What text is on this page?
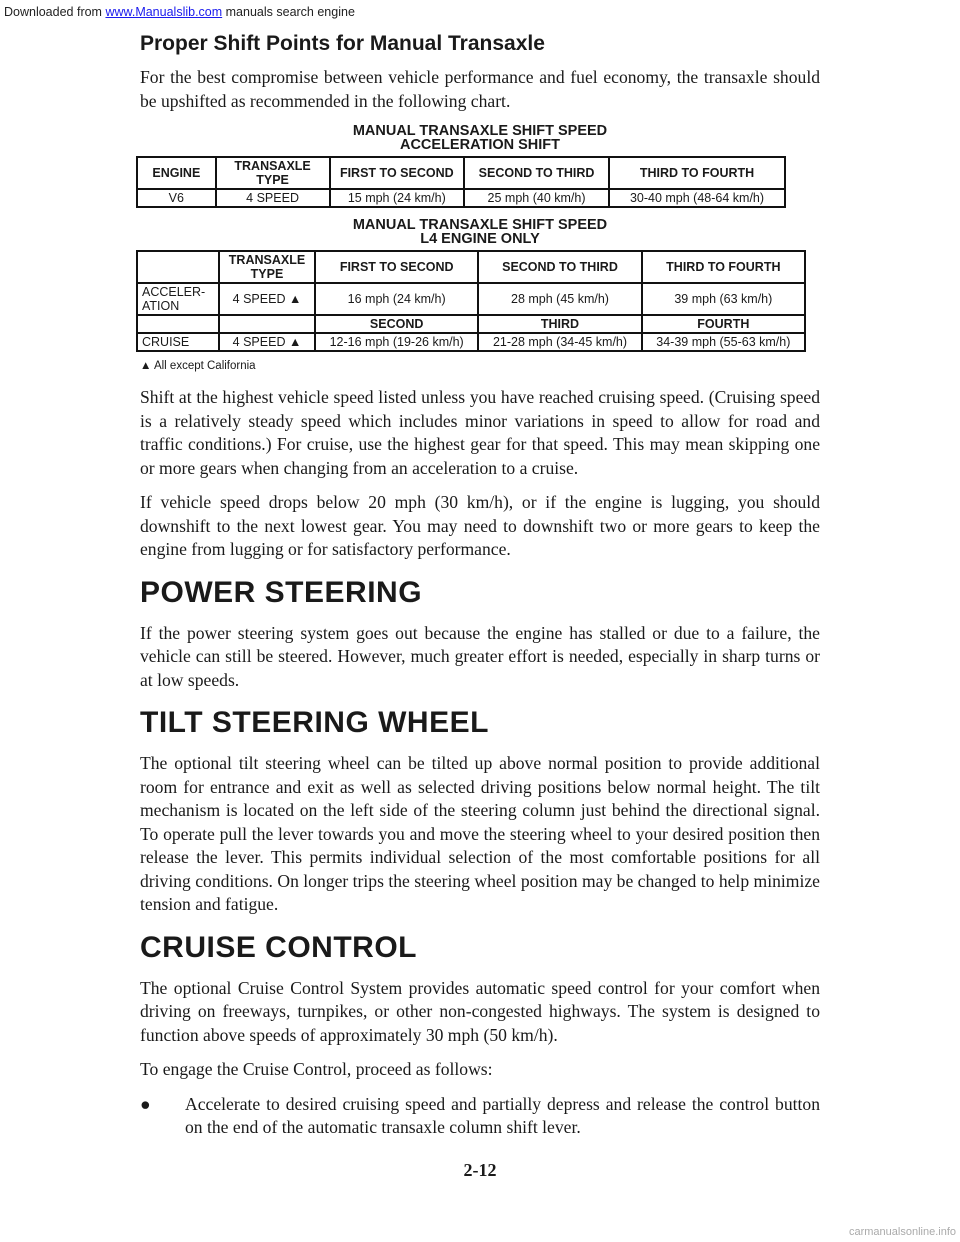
Downloaded from www.Manualslib.com manuals search engine
Proper Shift Points for Manual Transaxle

For the best compromise between vehicle performance and fuel economy, the transaxle should be upshifted as recommended in the following chart.

MANUAL TRANSAXLE SHIFT SPEED
ACCELERATION SHIFT
ENGINE	TRANSAXLE TYPE	FIRST TO SECOND	SECOND TO THIRD	THIRD TO FOURTH
V6	4 SPEED	15 mph (24 km/h)	25 mph (40 km/h)	30-40 mph (48-64 km/h)
MANUAL TRANSAXLE SHIFT SPEED
L4 ENGINE ONLY
	TRANSAXLE TYPE	FIRST TO SECOND	SECOND TO THIRD	THIRD TO FOURTH
ACCELER- ATION	4 SPEED ▲	16 mph (24 km/h)	28 mph (45 km/h)	39 mph (63 km/h)
		SECOND	THIRD	FOURTH
CRUISE	4 SPEED ▲	12-16 mph (19-26 km/h)	21-28 mph (34-45 km/h)	34-39 mph (55-63 km/h)
▲ All except California

Shift at the highest vehicle speed listed unless you have reached cruising speed. (Cruising speed is a relatively steady speed which includes minor variations in speed to allow for road and traffic conditions.) For cruise, use the highest gear for that speed. This may mean skipping one or more gears when changing from an acceleration to a cruise.

If vehicle speed drops below 20 mph (30 km/h), or if the engine is lugging, you should downshift to the next lowest gear. You may need to downshift two or more gears to keep the engine from lugging or for satisfactory performance.

POWER STEERING

If the power steering system goes out because the engine has stalled or due to a failure, the vehicle can still be steered. However, much greater effort is needed, especially in sharp turns or at low speeds.

TILT STEERING WHEEL

The optional tilt steering wheel can be tilted up above normal position to provide additional room for entrance and exit as well as selected driving positions below normal height. The tilt mechanism is located on the left side of the steering column just behind the directional signal. To operate pull the lever towards you and move the steering wheel to your desired position then release the lever. This permits individual selection of the most comfortable positions for all driving conditions. On longer trips the steering wheel position may be changed to help minimize tension and fatigue.

CRUISE CONTROL

The optional Cruise Control System provides automatic speed control for your comfort when driving on freeways, turnpikes, or other non-congested highways. The system is designed to function above speeds of approximately 30 mph (50 km/h).

To engage the Cruise Control, proceed as follows:

● Accelerate to desired cruising speed and partially depress and release the control button on the end of the automatic transaxle column shift lever.
2-12
carmanualsonline.info
